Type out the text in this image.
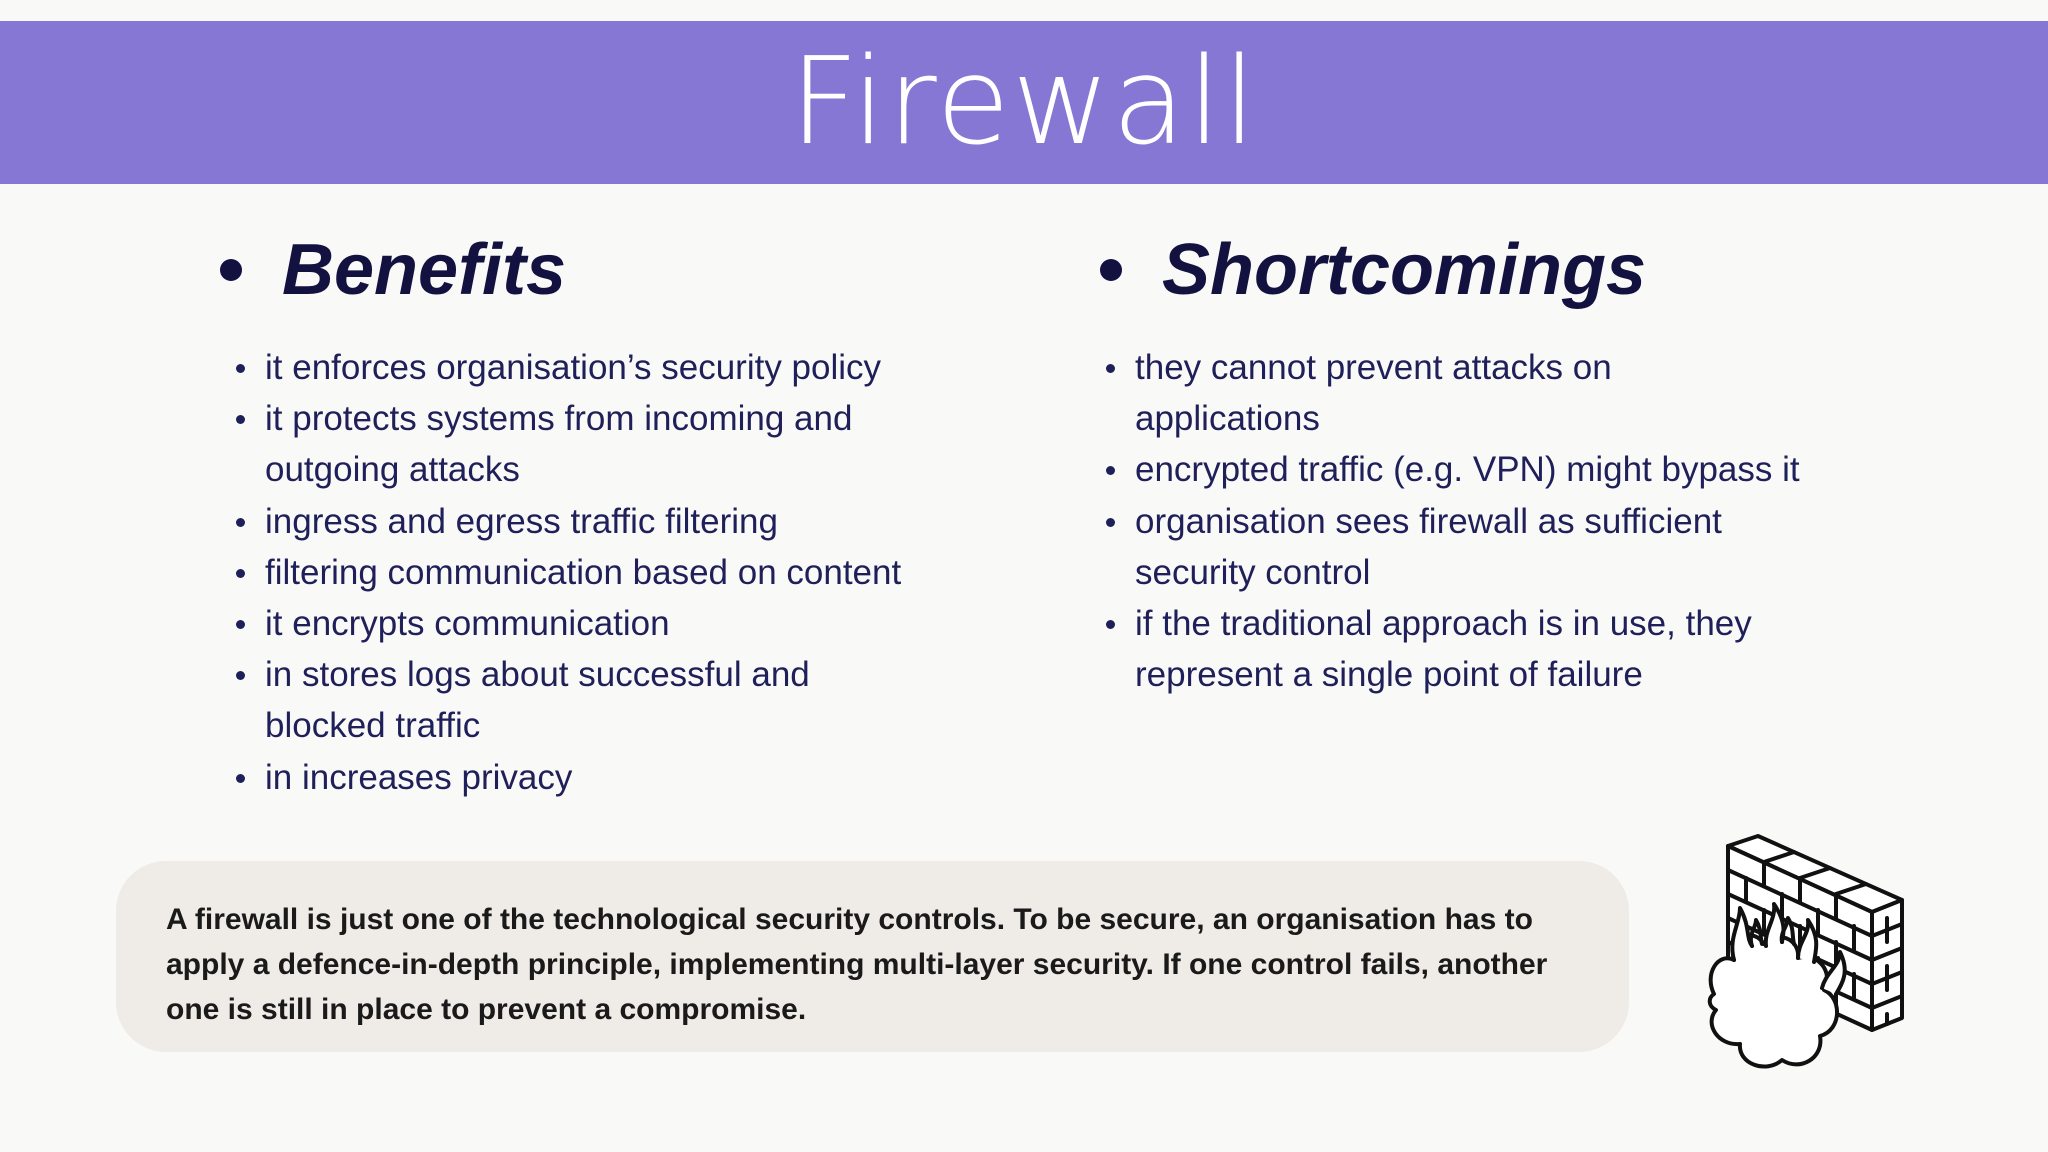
Firewall
Benefits
it enforces organisation’s security policy
it protects systems from incoming and outgoing attacks
ingress and egress traffic filtering
filtering communication based on content
it encrypts communication
in stores logs about successful and blocked traffic
in increases privacy
Shortcomings
they cannot prevent attacks on applications
encrypted traffic (e.g. VPN) might bypass it
organisation sees firewall as sufficient security control
if the traditional approach is in use, they represent a single point of failure

A firewall is just one of the technological security controls. To be secure, an organisation has to apply a defence-in-depth principle, implementing multi-layer security. If one control fails, another one is still in place to prevent a compromise.
